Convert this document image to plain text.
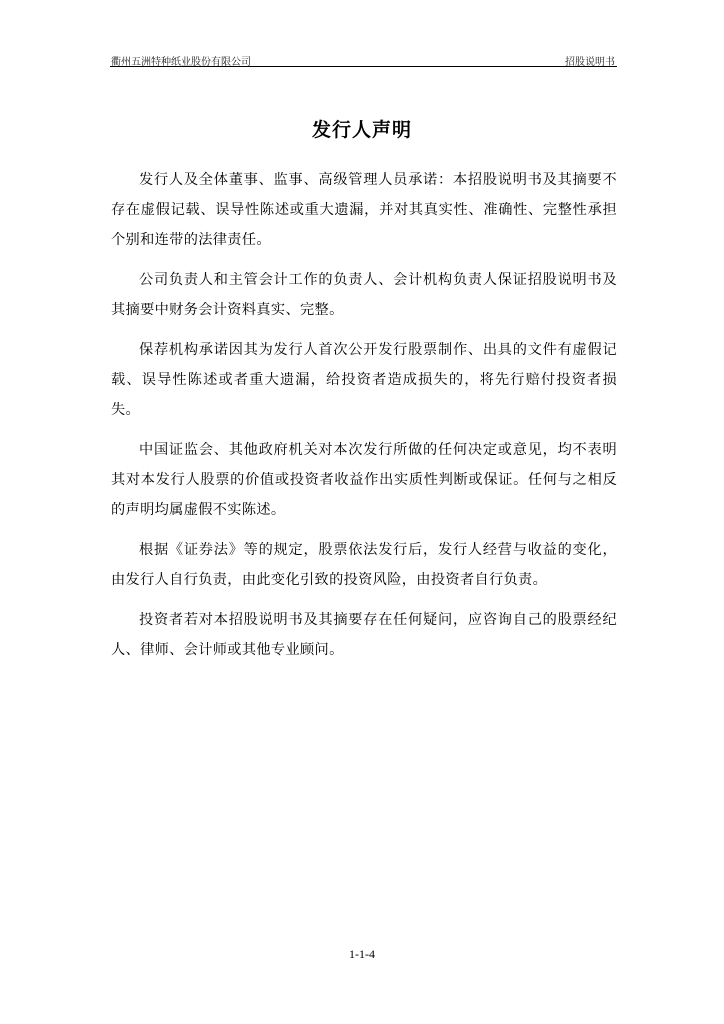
衢州五洲特种纸业股份有限公司	招股说明书
发行人声明

发行人及全体董事、监事、高级管理人员承诺：本招股说明书及其摘要不存在虚假记载、误导性陈述或重大遗漏，并对其真实性、准确性、完整性承担个别和连带的法律责任。

公司负责人和主管会计工作的负责人、会计机构负责人保证招股说明书及其摘要中财务会计资料真实、完整。

保荐机构承诺因其为发行人首次公开发行股票制作、出具的文件有虚假记载、误导性陈述或者重大遗漏，给投资者造成损失的，将先行赔付投资者损失。

中国证监会、其他政府机关对本次发行所做的任何决定或意见，均不表明其对本发行人股票的价值或投资者收益作出实质性判断或保证。任何与之相反的声明均属虚假不实陈述。

根据《证券法》等的规定，股票依法发行后，发行人经营与收益的变化，由发行人自行负责，由此变化引致的投资风险，由投资者自行负责。

投资者若对本招股说明书及其摘要存在任何疑问，应咨询自己的股票经纪人、律师、会计师或其他专业顾问。

1-1-4
